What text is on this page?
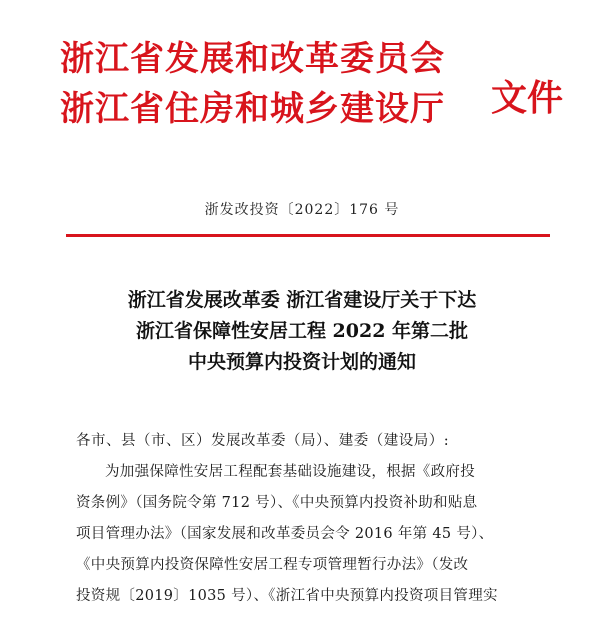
浙江省发展和改革委员会
浙江省住房和城乡建设厅	文件
浙发改投资〔2022〕176 号
浙江省发展改革委 浙江省建设厅关于下达
浙江省保障性安居工程 2022 年第二批
中央预算内投资计划的通知
各市、县（市、区）发展改革委（局）、建委（建设局）:
为加强保障性安居工程配套基础设施建设，根据《政府投
资条例》（国务院令第 712 号）、《中央预算内投资补助和贴息
项目管理办法》（国家发展和改革委员会令 2016 年第 45 号）、
《中央预算内投资保障性安居工程专项管理暂行办法》（发改
投资规〔2019〕1035 号）、《浙江省中央预算内投资项目管理实
